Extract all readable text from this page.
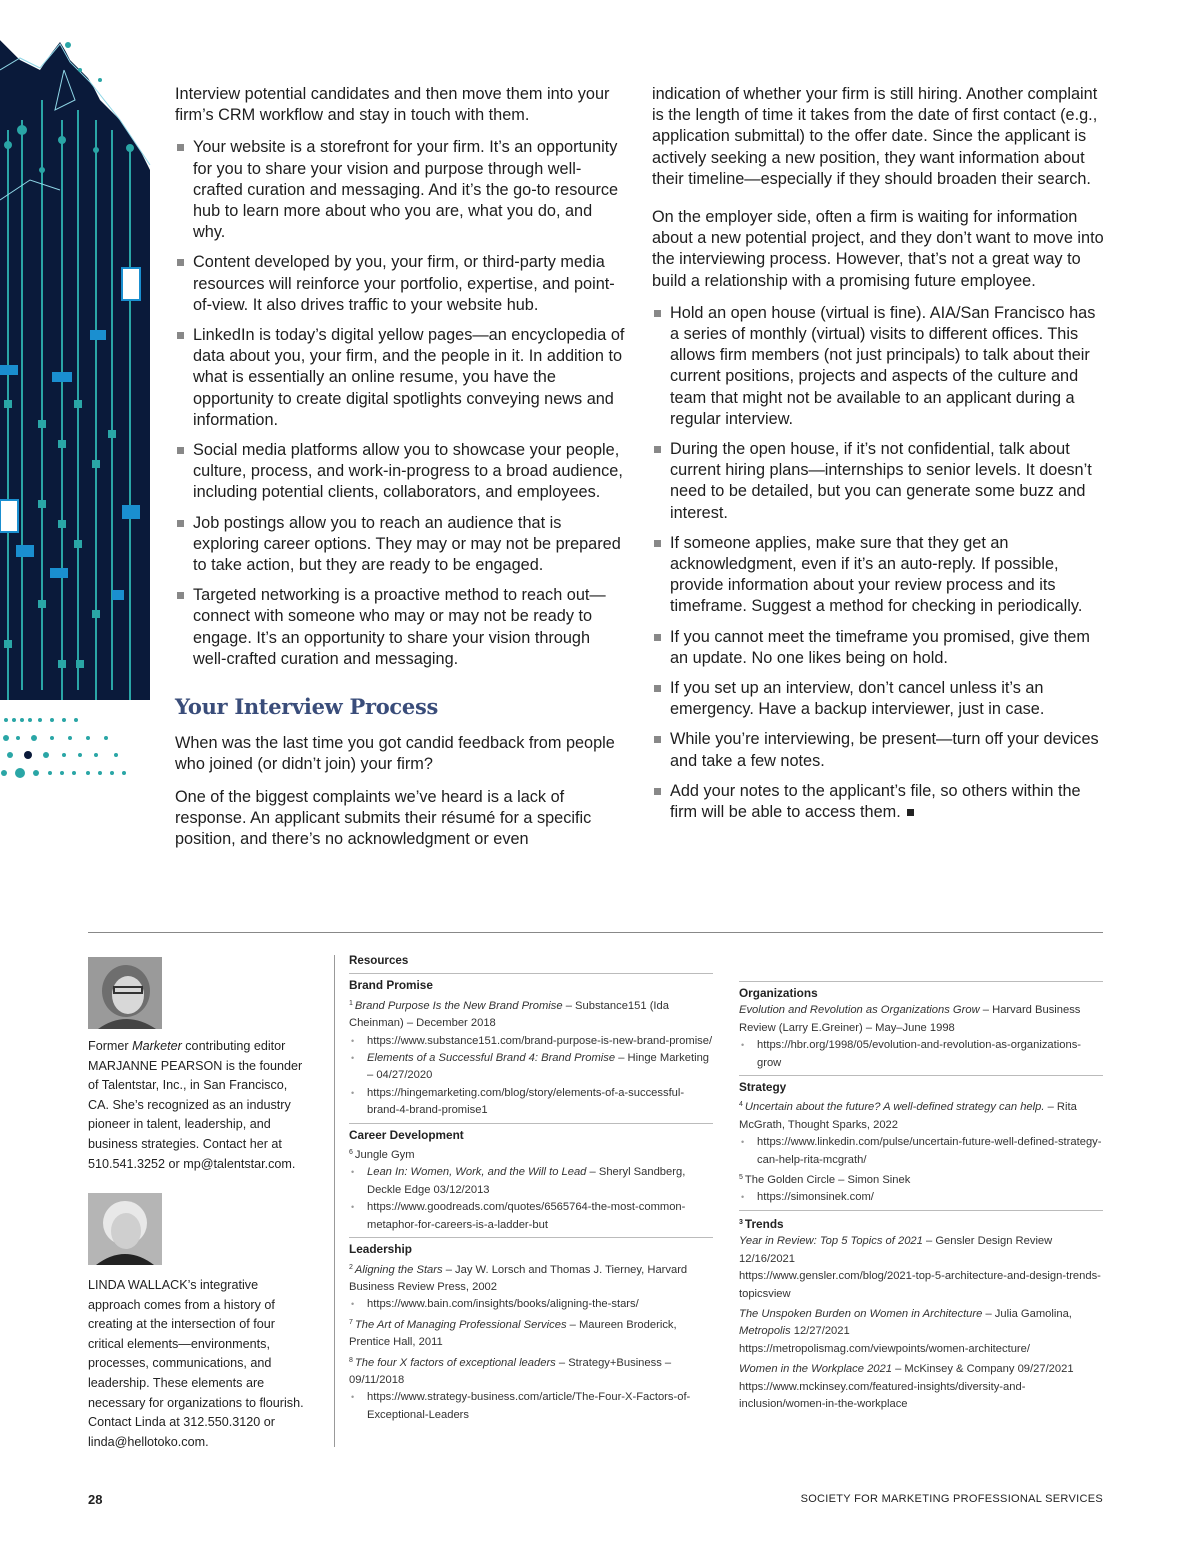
Interview potential candidates and then move them into your firm’s CRM workflow and stay in touch with them.

Your website is a storefront for your firm. It’s an opportunity for you to share your vision and purpose through well-crafted curation and messaging. And it’s the go-to resource hub to learn more about who you are, what you do, and why.
Content developed by you, your firm, or third-party media resources will reinforce your portfolio, expertise, and point-of-view. It also drives traffic to your website hub.
LinkedIn is today’s digital yellow pages—an encyclopedia of data about you, your firm, and the people in it. In addition to what is essentially an online resume, you have the opportunity to create digital spotlights conveying news and information.
Social media platforms allow you to showcase your people, culture, process, and work-in-progress to a broad audience, including potential clients, collaborators, and employees.
Job postings allow you to reach an audience that is exploring career options. They may or may not be prepared to take action, but they are ready to be engaged.
Targeted networking is a proactive method to reach out—connect with someone who may or may not be ready to engage. It’s an opportunity to share your vision through well-crafted curation and messaging.
Your Interview Process

When was the last time you got candid feedback from people who joined (or didn’t join) your firm?

One of the biggest complaints we’ve heard is a lack of response. An applicant submits their résumé for a specific position, and there’s no acknowledgment or even

indication of whether your firm is still hiring. Another complaint is the length of time it takes from the date of first contact (e.g., application submittal) to the offer date. Since the applicant is actively seeking a new position, they want information about their timeline—especially if they should broaden their search.

On the employer side, often a firm is waiting for information about a new potential project, and they don’t want to move into the interviewing process. However, that’s not a great way to build a relationship with a promising future employee.

Hold an open house (virtual is fine). AIA/San Francisco has a series of monthly (virtual) visits to different offices. This allows firm members (not just principals) to talk about their current positions, projects and aspects of the culture and team that might not be available to an applicant during a regular interview.
During the open house, if it’s not confidential, talk about current hiring plans—internships to senior levels. It doesn’t need to be detailed, but you can generate some buzz and interest.
If someone applies, make sure that they get an acknowledgment, even if it’s an auto-reply. If possible, provide information about your review process and its timeframe. Suggest a method for checking in periodically.
If you cannot meet the timeframe you promised, give them an update. No one likes being on hold.
If you set up an interview, don’t cancel unless it’s an emergency. Have a backup interviewer, just in case.
While you’re interviewing, be present—turn off your devices and take a few notes.
Add your notes to the applicant’s file, so others within the firm will be able to access them.
Former Marketer contributing editor MARJANNE PEARSON is the founder of Talentstar, Inc., in San Francisco, CA. She’s recognized as an industry pioneer in talent, leadership, and business strategies. Contact her at 510.541.3252 or mp@talentstar.com.
LINDA WALLACK’s integrative approach comes from a history of creating at the intersection of four critical elements—environments, processes, communications, and leadership. These elements are necessary for organizations to flourish. Contact Linda at 312.550.3120 or linda@hellotoko.com.
Resources
Brand Promise

$^1$ Brand Purpose Is the New Brand Promise – Substance151 (Ida Cheinman) – December 2018

• https://www.substance151.com/brand-purpose-is-new-brand-promise/

• Elements of a Successful Brand 4: Brand Promise – Hinge Marketing – 04/27/2020

• https://hingemarketing.com/blog/story/elements-of-a-successful-brand-4-brand-promise1

Career Development

$^6$ Jungle Gym

• Lean In: Women, Work, and the Will to Lead – Sheryl Sandberg, Deckle Edge 03/12/2013

• https://www.goodreads.com/quotes/6565764-the-most-common-metaphor-for-careers-is-a-ladder-but

Leadership

$^2$ Aligning the Stars – Jay W. Lorsch and Thomas J. Tierney, Harvard Business Review Press, 2002

• https://www.bain.com/insights/books/aligning-the-stars/

$^7$ The Art of Managing Professional Services – Maureen Broderick, Prentice Hall, 2011

$^8$ The four X factors of exceptional leaders – Strategy+Business – 09/11/2018

• https://www.strategy-business.com/article/The-Four-X-Factors-of-Exceptional-Leaders

Organizations

Evolution and Revolution as Organizations Grow – Harvard Business Review (Larry E.Greiner) – May–June 1998

• https://hbr.org/1998/05/evolution-and-revolution-as-organizations-grow

Strategy

$^4$ Uncertain about the future? A well-defined strategy can help. – Rita McGrath, Thought Sparks, 2022

• https://www.linkedin.com/pulse/uncertain-future-well-defined-strategy-can-help-rita-mcgrath/

$^5$ The Golden Circle – Simon Sinek

• https://simonsinek.com/

$^3$ Trends

Year in Review: Top 5 Topics of 2021 – Gensler Design Review 12/16/2021

https://www.gensler.com/blog/2021-top-5-architecture-and-design-trends-topicsview

The Unspoken Burden on Women in Architecture – Julia Gamolina, Metropolis 12/27/2021

https://metropolismag.com/viewpoints/women-architecture/

Women in the Workplace 2021 – McKinsey & Company 09/27/2021

https://www.mckinsey.com/featured-insights/diversity-and-inclusion/women-in-the-workplace

28	SOCIETY FOR MARKETING PROFESSIONAL SERVICES
